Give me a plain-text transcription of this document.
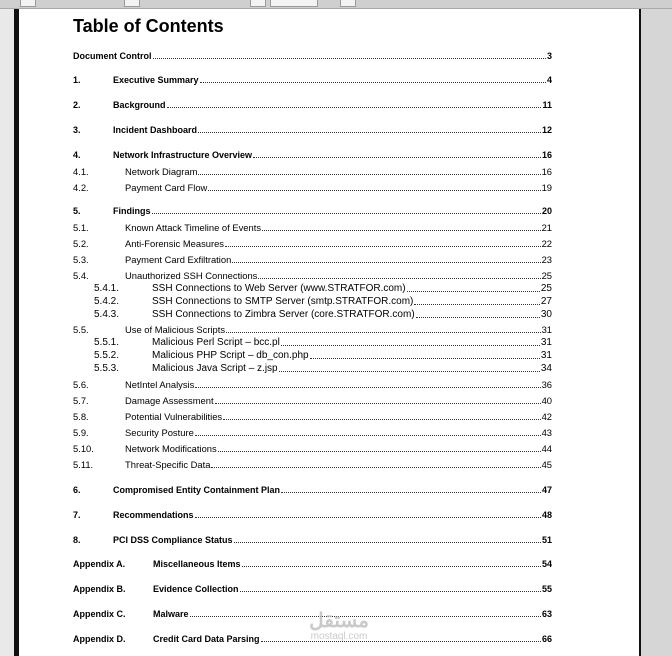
Table of Contents
Document Control	3
1.	Executive Summary	4
2.	Background	11
3.	Incident Dashboard	12
4.	Network Infrastructure Overview	16
4.1.	Network Diagram	16
4.2.	Payment Card Flow	19
5.	Findings	20
5.1.	Known Attack Timeline of Events	21
5.2.	Anti-Forensic Measures	22
5.3.	Payment Card Exfiltration	23
5.4.	Unauthorized SSH Connections	25
5.4.1.	SSH Connections to Web Server (www.STRATFOR.com)	25
5.4.2.	SSH Connections to SMTP Server (smtp.STRATFOR.com)	27
5.4.3.	SSH Connections to Zimbra Server (core.STRATFOR.com)	30
5.5.	Use of Malicious Scripts	31
5.5.1.	Malicious Perl Script – bcc.pl	31
5.5.2.	Malicious PHP Script – db_con.php	31
5.5.3.	Malicious Java Script – z.jsp	34
5.6.	NetIntel Analysis	36
5.7.	Damage Assessment	40
5.8.	Potential Vulnerabilities	42
5.9.	Security Posture	43
5.10.	Network Modifications	44
5.11.	Threat-Specific Data	45
6.	Compromised Entity Containment Plan	47
7.	Recommendations	48
8.	PCI DSS Compliance Status	51
Appendix A.	Miscellaneous Items	54
Appendix B.	Evidence Collection	55
Appendix C.	Malware	63
Appendix D.	Credit Card Data Parsing	66
مستقل
mostaql.com
